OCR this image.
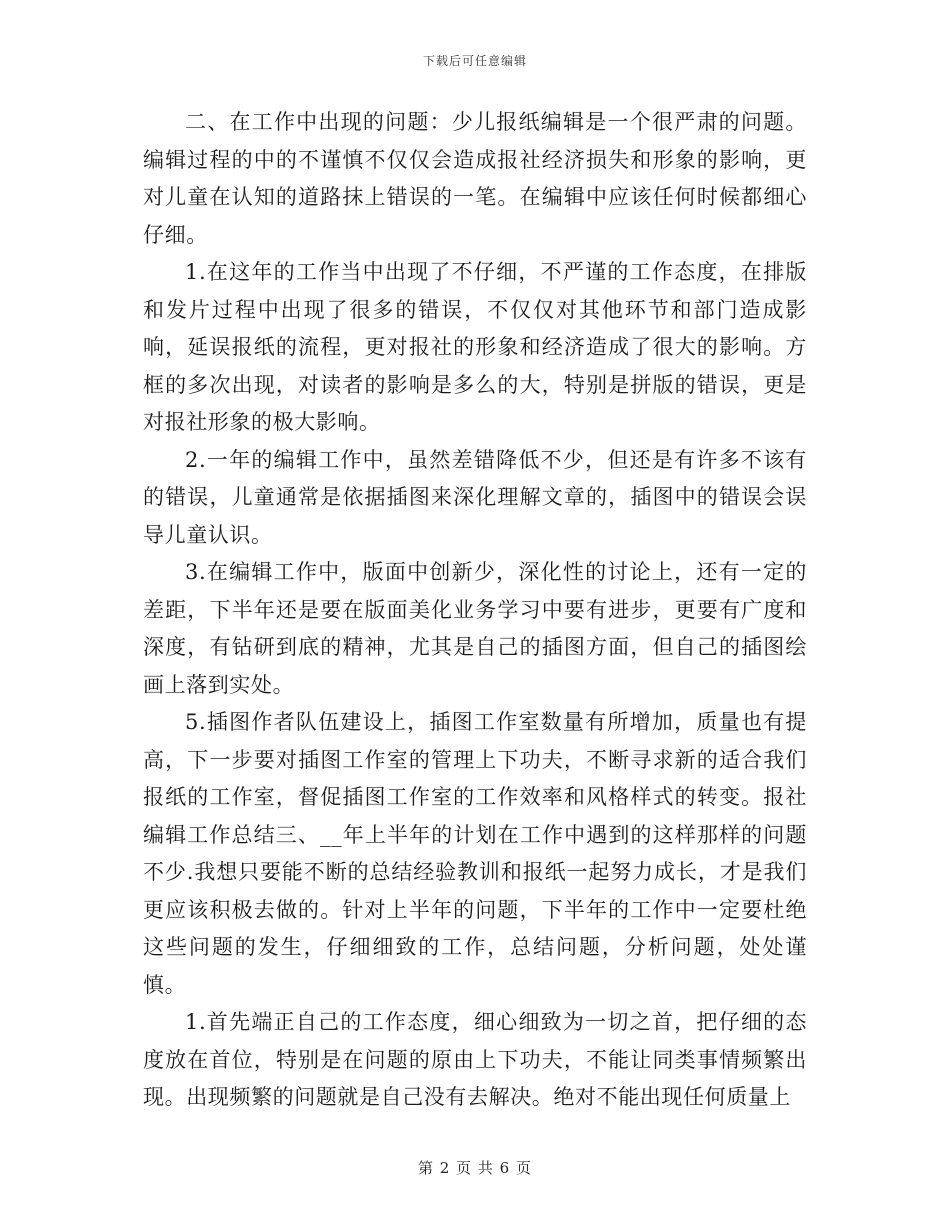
下载后可任意编辑

二、在工作中出现的问题：少儿报纸编辑是一个很严肃的问题。编辑过程的中的不谨慎不仅仅会造成报社经济损失和形象的影响，更对儿童在认知的道路抹上错误的一笔。在编辑中应该任何时候都细心仔细。

1.在这年的工作当中出现了不仔细，不严谨的工作态度，在排版和发片过程中出现了很多的错误，不仅仅对其他环节和部门造成影响，延误报纸的流程，更对报社的形象和经济造成了很大的影响。方框的多次出现，对读者的影响是多么的大，特别是拼版的错误，更是对报社形象的极大影响。

2.一年的编辑工作中，虽然差错降低不少，但还是有许多不该有的错误，儿童通常是依据插图来深化理解文章的，插图中的错误会误导儿童认识。

3.在编辑工作中，版面中创新少，深化性的讨论上，还有一定的差距，下半年还是要在版面美化业务学习中要有进步，更要有广度和深度，有钻研到底的精神，尤其是自己的插图方面，但自己的插图绘画上落到实处。

5.插图作者队伍建设上，插图工作室数量有所增加，质量也有提高，下一步要对插图工作室的管理上下功夫，不断寻求新的适合我们报纸的工作室，督促插图工作室的工作效率和风格样式的转变。报社编辑工作总结三、__年上半年的计划在工作中遇到的这样那样的问题不少.我想只要能不断的总结经验教训和报纸一起努力成长，才是我们更应该积极去做的。针对上半年的问题，下半年的工作中一定要杜绝这些问题的发生，仔细细致的工作，总结问题，分析问题，处处谨慎。

1.首先端正自己的工作态度，细心细致为一切之首，把仔细的态度放在首位，特别是在问题的原由上下功夫，不能让同类事情频繁出现。出现频繁的问题就是自己没有去解决。绝对不能出现任何质量上

第 2 页 共 6 页
